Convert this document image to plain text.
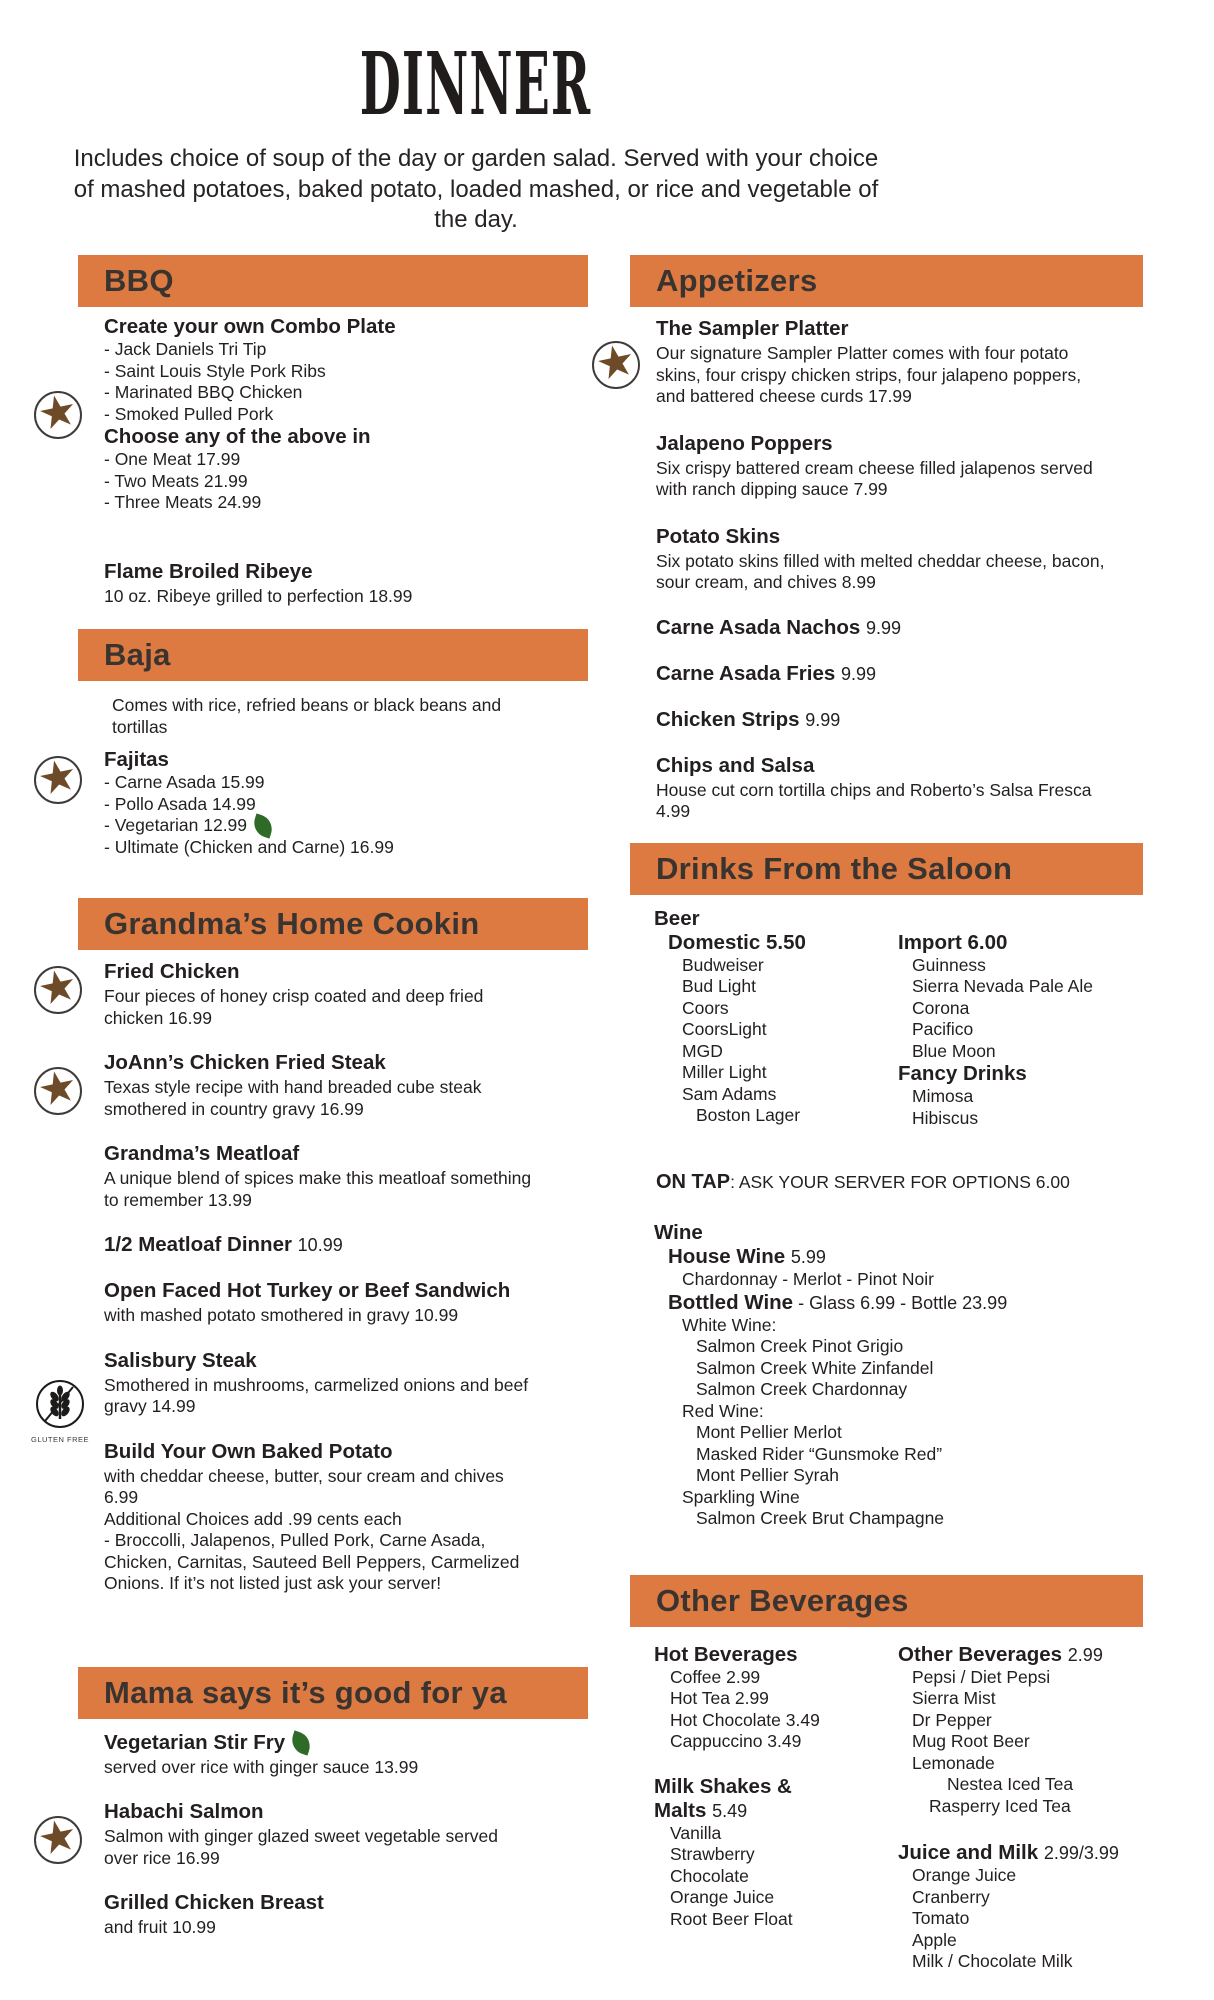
DINNER

Includes choice of soup of the day or garden salad. Served with your choice of mashed potatoes, baked potato, loaded mashed, or rice and vegetable of the day.

BBQ
★
Create your own Combo Plate
- Jack Daniels Tri Tip
- Saint Louis Style Pork Ribs
- Marinated BBQ Chicken
- Smoked Pulled Pork
Choose any of the above in
- One Meat 17.99
- Two Meats 21.99
- Three Meats 24.99
Flame Broiled Ribeye
10 oz. Ribeye grilled to perfection 18.99
Baja

Comes with rice, refried beans or black beans and tortillas

★ Fajitas
- Carne Asada 15.99
- Pollo Asada 14.99
- Vegetarian 12.99
- Ultimate (Chicken and Carne) 16.99
Grandma’s Home Cookin
★ Fried Chicken
Four pieces of honey crisp coated and deep fried chicken 16.99
★ JoAnn’s Chicken Fried Steak
Texas style recipe with hand breaded cube steak smothered in country gravy 16.99
Grandma’s Meatloaf
A unique blend of spices make this meatloaf something to remember 13.99
1/2 Meatloaf Dinner 10.99
Open Faced Hot Turkey or Beef Sandwich
with mashed potato smothered in gravy 10.99
GLUTEN FREE
Salisbury Steak
Smothered in mushrooms, carmelized onions and beef gravy 14.99
Build Your Own Baked Potato
with cheddar cheese, butter, sour cream and chives 6.99
Additional Choices add .99 cents each
- Broccolli, Jalapenos, Pulled Pork, Carne Asada, Chicken, Carnitas, Sauteed Bell Peppers, Carmelized Onions. If it’s not listed just ask your server!
Mama says it’s good for ya
Vegetarian Stir Fry
served over rice with ginger sauce 13.99
★ Habachi Salmon
Salmon with ginger glazed sweet vegetable served over rice 16.99
Grilled Chicken Breast
and fruit 10.99
Appetizers
★
The Sampler Platter
Our signature Sampler Platter comes with four potato skins, four crispy chicken strips, four jalapeno poppers, and battered cheese curds 17.99
Jalapeno Poppers
Six crispy battered cream cheese filled jalapenos served with ranch dipping sauce 7.99
Potato Skins
Six potato skins filled with melted cheddar cheese, bacon, sour cream, and chives 8.99
Carne Asada Nachos 9.99
Carne Asada Fries 9.99
Chicken Strips 9.99
Chips and Salsa
House cut corn tortilla chips and Roberto’s Salsa Fresca 4.99
Drinks From the Saloon
Beer
Domestic 5.50
Budweiser
Bud Light
Coors
CoorsLight
MGD
Miller Light
Sam Adams
Boston Lager
Import 6.00
Guinness
Sierra Nevada Pale Ale
Corona
Pacifico
Blue Moon
Fancy Drinks
Mimosa
Hibiscus
ON TAP: ASK YOUR SERVER FOR OPTIONS 6.00
Wine
House Wine 5.99
Chardonnay - Merlot - Pinot Noir
Bottled Wine - Glass 6.99 - Bottle 23.99
White Wine:
Salmon Creek Pinot Grigio
Salmon Creek White Zinfandel
Salmon Creek Chardonnay
Red Wine:
Mont Pellier Merlot
Masked Rider “Gunsmoke Red”
Mont Pellier Syrah
Sparkling Wine
Salmon Creek Brut Champagne
Other Beverages
Hot Beverages
Coffee 2.99
Hot Tea 2.99
Hot Chocolate 3.49
Cappuccino 3.49
Milk Shakes & Malts 5.49
Vanilla
Strawberry
Chocolate
Orange Juice
Root Beer Float
Other Beverages 2.99
Pepsi / Diet Pepsi
Sierra Mist
Dr Pepper
Mug Root Beer
Lemonade
Nestea Iced Tea
Rasperry Iced Tea
Juice and Milk 2.99/3.99
Orange Juice
Cranberry
Tomato
Apple
Milk / Chocolate Milk
